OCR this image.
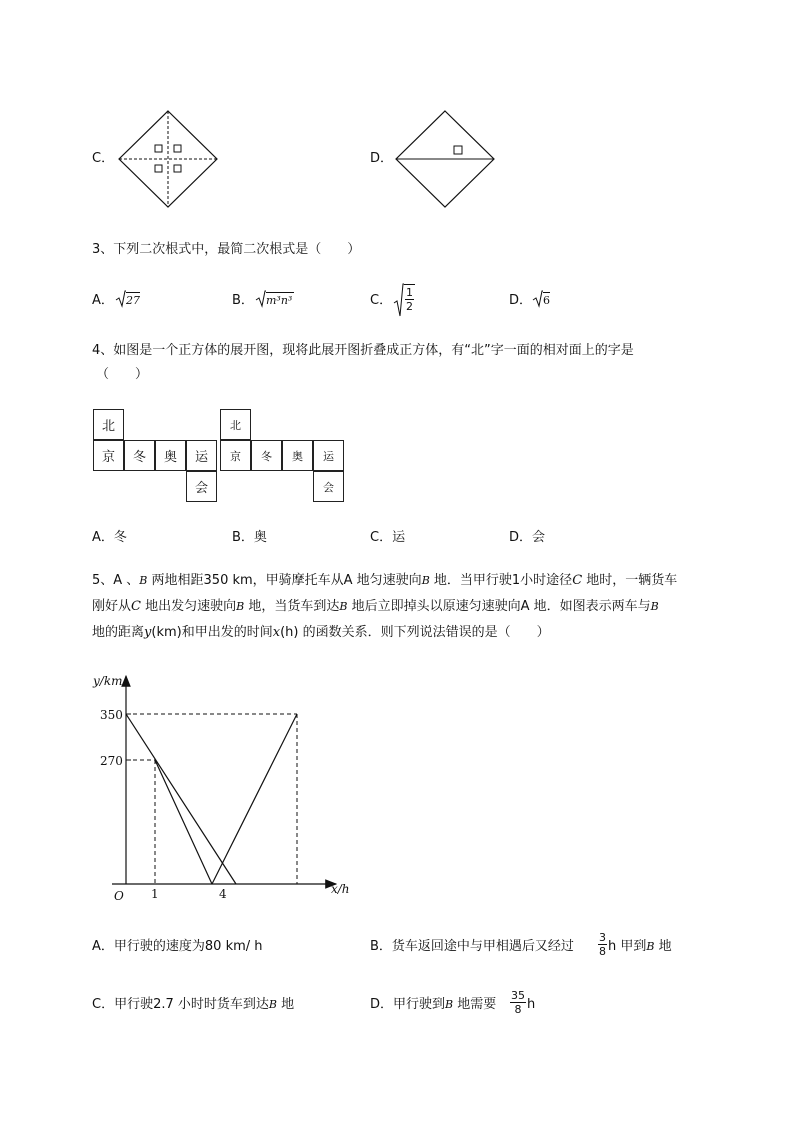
C．	D．
3、下列二次根式中，最简二次根式是（　　）
A． 27	B． m³n³	C． $\frac{1}{2}$	D． 6
4、如图是一个正方体的展开图，现将此展开图折叠成正方体，有“北”字一面的相对面上的字是
（　　）
北
京	冬	奥	运
会
北
京	冬	奥	运
会
A．冬	B．奥	C．运	D．会
5、A 、B 两地相距350 km，甲骑摩托车从A 地匀速驶向B 地．当甲行驶1小时途径C 地时，一辆货车
刚好从C 地出发匀速驶向B 地，当货车到达B 地后立即掉头以原速匀速驶向A 地．如图表示两车与B
地的距离y(km)和甲出发的时间x(h) 的函数关系．则下列说法错误的是（　　）
y/km
x/h
O
350
270
1	4
A．甲行驶的速度为80 km/ h	B．货车返回途中与甲相遇后又经过 $\frac{3}{8}$ h 甲到B 地
C．甲行驶2.7 小时时货车到达B 地	D．甲行驶到B 地需要 $\frac{35}{8}$ h
